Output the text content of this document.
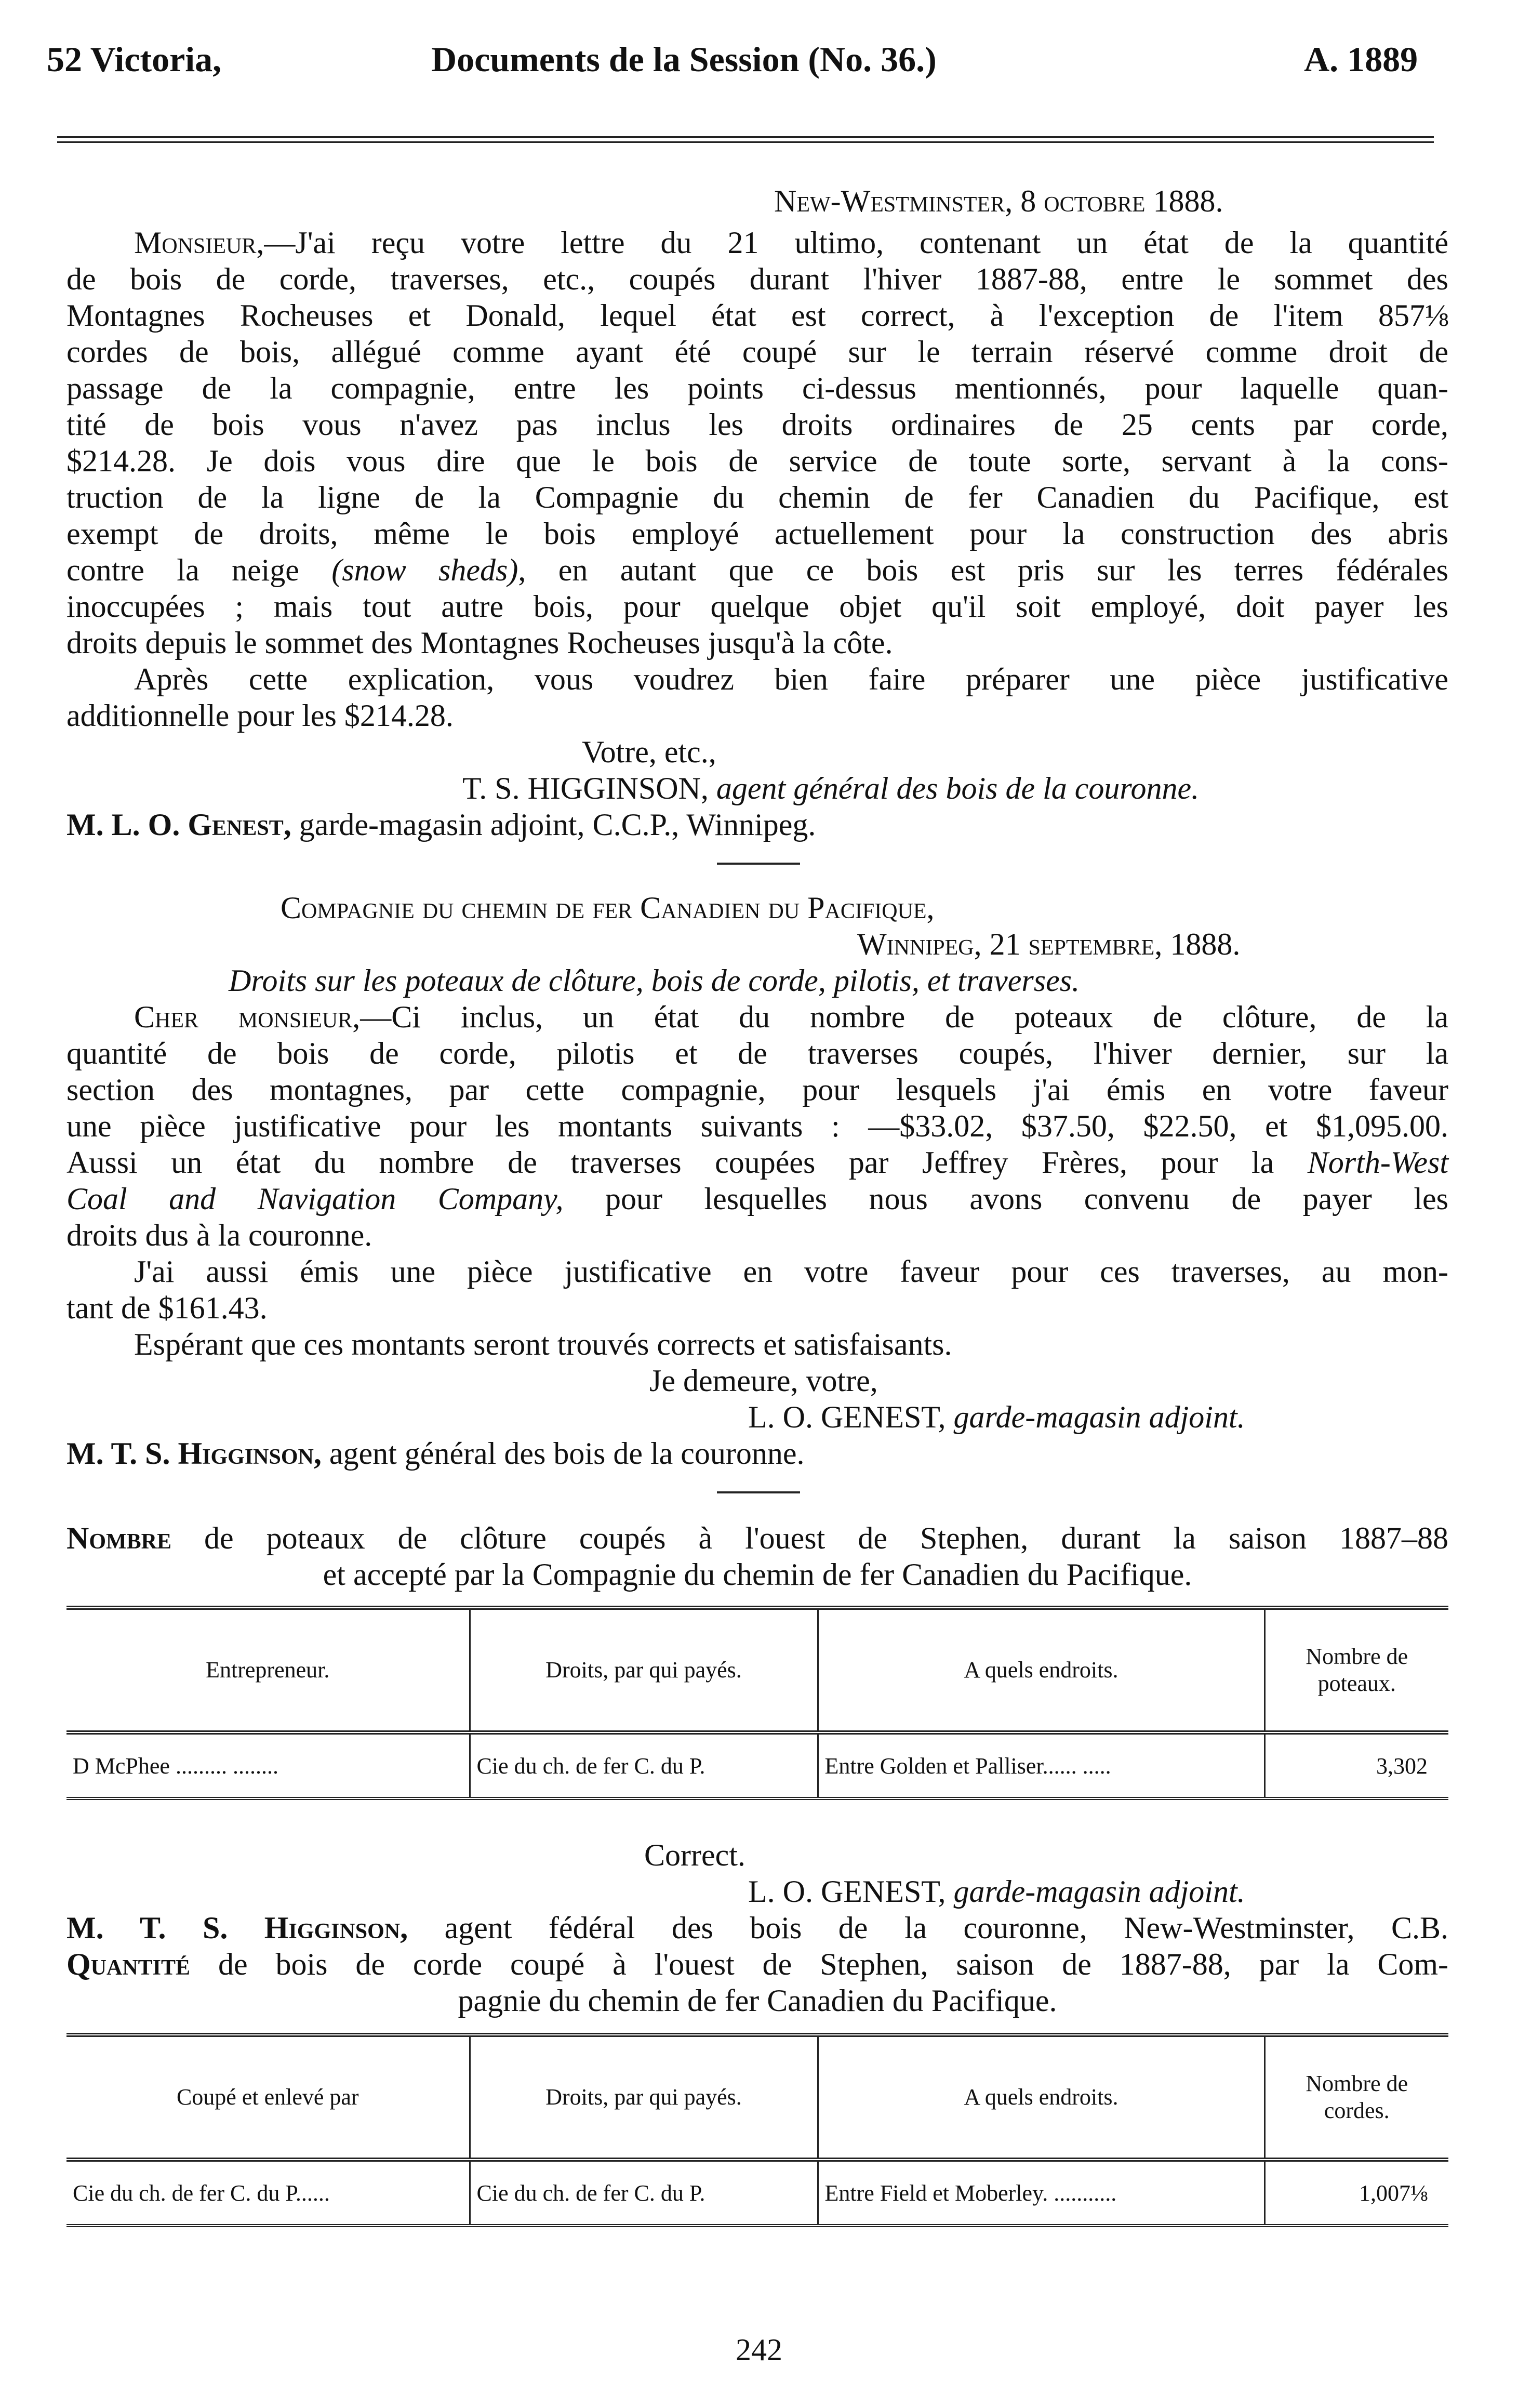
52 Victoria,	Documents de la Session (No. 36.)	A. 1889
New-Westminster, 8 octobre 1888.
Monsieur,—J'ai reçu votre lettre du 21 ultimo, contenant un état de la quantité
de bois de corde, traverses, etc., coupés durant l'hiver 1887-88, entre le sommet des
Montagnes Rocheuses et Donald, lequel état est correct, à l'exception de l'item 857⅛
cordes de bois, allégué comme ayant été coupé sur le terrain réservé comme droit de
passage de la compagnie, entre les points ci-dessus mentionnés, pour laquelle quan-
tité de bois vous n'avez pas inclus les droits ordinaires de 25 cents par corde,
$214.28. Je dois vous dire que le bois de service de toute sorte, servant à la cons-
truction de la ligne de la Compagnie du chemin de fer Canadien du Pacifique, est
exempt de droits, même le bois employé actuellement pour la construction des abris
contre la neige (snow sheds), en autant que ce bois est pris sur les terres fédérales
inoccupées ; mais tout autre bois, pour quelque objet qu'il soit employé, doit payer les
droits depuis le sommet des Montagnes Rocheuses jusqu'à la côte.
Après cette explication, vous voudrez bien faire préparer une pièce justificative
additionnelle pour les $214.28.
Votre, etc.,
T. S. HIGGINSON, agent général des bois de la couronne.
M. L. O. Genest, garde-magasin adjoint, C.C.P., Winnipeg.
Compagnie du chemin de fer Canadien du Pacifique,
Winnipeg, 21 septembre, 1888.
Droits sur les poteaux de clôture, bois de corde, pilotis, et traverses.
Cher monsieur,—Ci inclus, un état du nombre de poteaux de clôture, de la
quantité de bois de corde, pilotis et de traverses coupés, l'hiver dernier, sur la
section des montagnes, par cette compagnie, pour lesquels j'ai émis en votre faveur
une pièce justificative pour les montants suivants : —$33.02, $37.50, $22.50, et $1,095.00.
Aussi un état du nombre de traverses coupées par Jeffrey Frères, pour la North-West
Coal and Navigation Company, pour lesquelles nous avons convenu de payer les
droits dus à la couronne.
J'ai aussi émis une pièce justificative en votre faveur pour ces traverses, au mon-
tant de $161.43.
Espérant que ces montants seront trouvés corrects et satisfaisants.
Je demeure, votre,
L. O. GENEST, garde-magasin adjoint.
M. T. S. Higginson, agent général des bois de la couronne.
Nombre de poteaux de clôture coupés à l'ouest de Stephen, durant la saison 1887–88
et accepté par la Compagnie du chemin de fer Canadien du Pacifique.
Entrepreneur.	Droits, par qui payés.	A quels endroits.	Nombre de poteaux.
D McPhee ......... ........	Cie du ch. de fer C. du P.	Entre Golden et Palliser...... .....	3,302
Correct.
L. O. GENEST, garde-magasin adjoint.
M. T. S. Higginson, agent fédéral des bois de la couronne, New-Westminster, C.B.
Quantité de bois de corde coupé à l'ouest de Stephen, saison de 1887-88, par la Com-
pagnie du chemin de fer Canadien du Pacifique.
Coupé et enlevé par	Droits, par qui payés.	A quels endroits.	Nombre de cordes.
Cie du ch. de fer C. du P......	Cie du ch. de fer C. du P.	Entre Field et Moberley. ...........	1,007⅛
242
